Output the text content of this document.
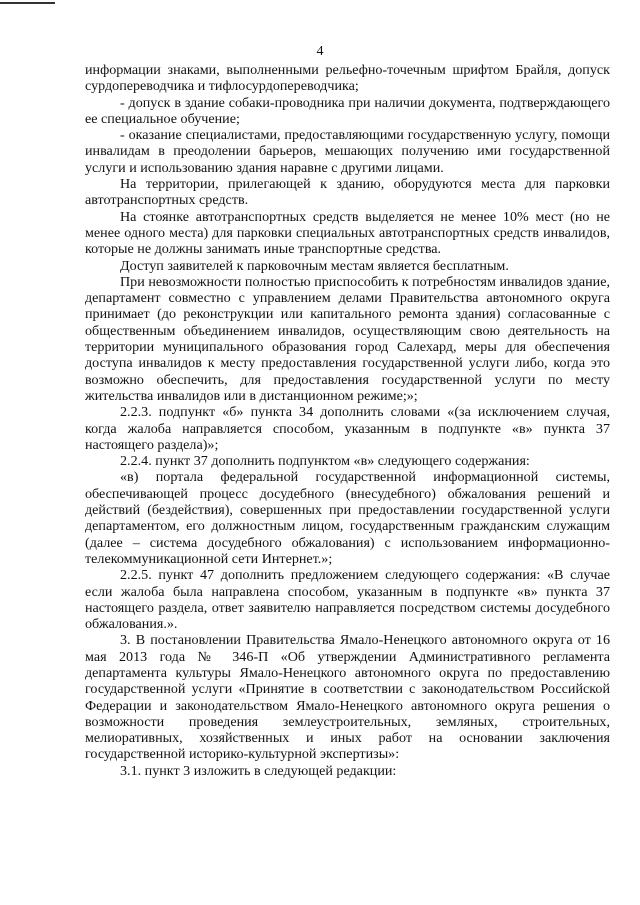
4

информации знаками, выполненными рельефно-точечным шрифтом Брайля, допуск сурдопереводчика и тифлосурдопереводчика;

- допуск в здание собаки-проводника при наличии документа, подтверждающего ее специальное обучение;

- оказание специалистами, предоставляющими государственную услугу, помощи инвалидам в преодолении барьеров, мешающих получению ими государственной услуги и использованию здания наравне с другими лицами.

На территории, прилегающей к зданию, оборудуются места для парковки автотранспортных средств.

На стоянке автотранспортных средств выделяется не менее 10% мест (но не менее одного места) для парковки специальных автотранспортных средств инвалидов, которые не должны занимать иные транспортные средства.

Доступ заявителей к парковочным местам является бесплатным.

При невозможности полностью приспособить к потребностям инвалидов здание, департамент совместно с управлением делами Правительства автономного округа принимает (до реконструкции или капитального ремонта здания) согласованные с общественным объединением инвалидов, осуществляющим свою деятельность на территории муниципального образования город Салехард, меры для обеспечения доступа инвалидов к месту предоставления государственной услуги либо, когда это возможно обеспечить, для предоставления государственной услуги по месту жительства инвалидов или в дистанционном режиме;»;

2.2.3. подпункт «б» пункта 34 дополнить словами «(за исключением случая, когда жалоба направляется способом, указанным в подпункте «в» пункта 37 настоящего раздела)»;

2.2.4. пункт 37 дополнить подпунктом «в» следующего содержания:

«в) портала федеральной государственной информационной системы, обеспечивающей процесс досудебного (внесудебного) обжалования решений и действий (бездействия), совершенных при предоставлении государственной услуги департаментом, его должностным лицом, государственным гражданским служащим (далее – система досудебного обжалования) с использованием информационно-телекоммуникационной сети Интернет.»;

2.2.5. пункт 47 дополнить предложением следующего содержания: «В случае если жалоба была направлена способом, указанным в подпункте «в» пункта 37 настоящего раздела, ответ заявителю направляется посредством системы досудебного обжалования.».

3. В постановлении Правительства Ямало-Ненецкого автономного округа от 16 мая 2013 года № 346-П «Об утверждении Административного регламента департамента культуры Ямало-Ненецкого автономного округа по предоставлению государственной услуги «Принятие в соответствии с законодательством Российской Федерации и законодательством Ямало-Ненецкого автономного округа решения о возможности проведения землеустроительных, земляных, строительных, мелиоративных, хозяйственных и иных работ на основании заключения государственной историко-культурной экспертизы»:

3.1. пункт 3 изложить в следующей редакции:
